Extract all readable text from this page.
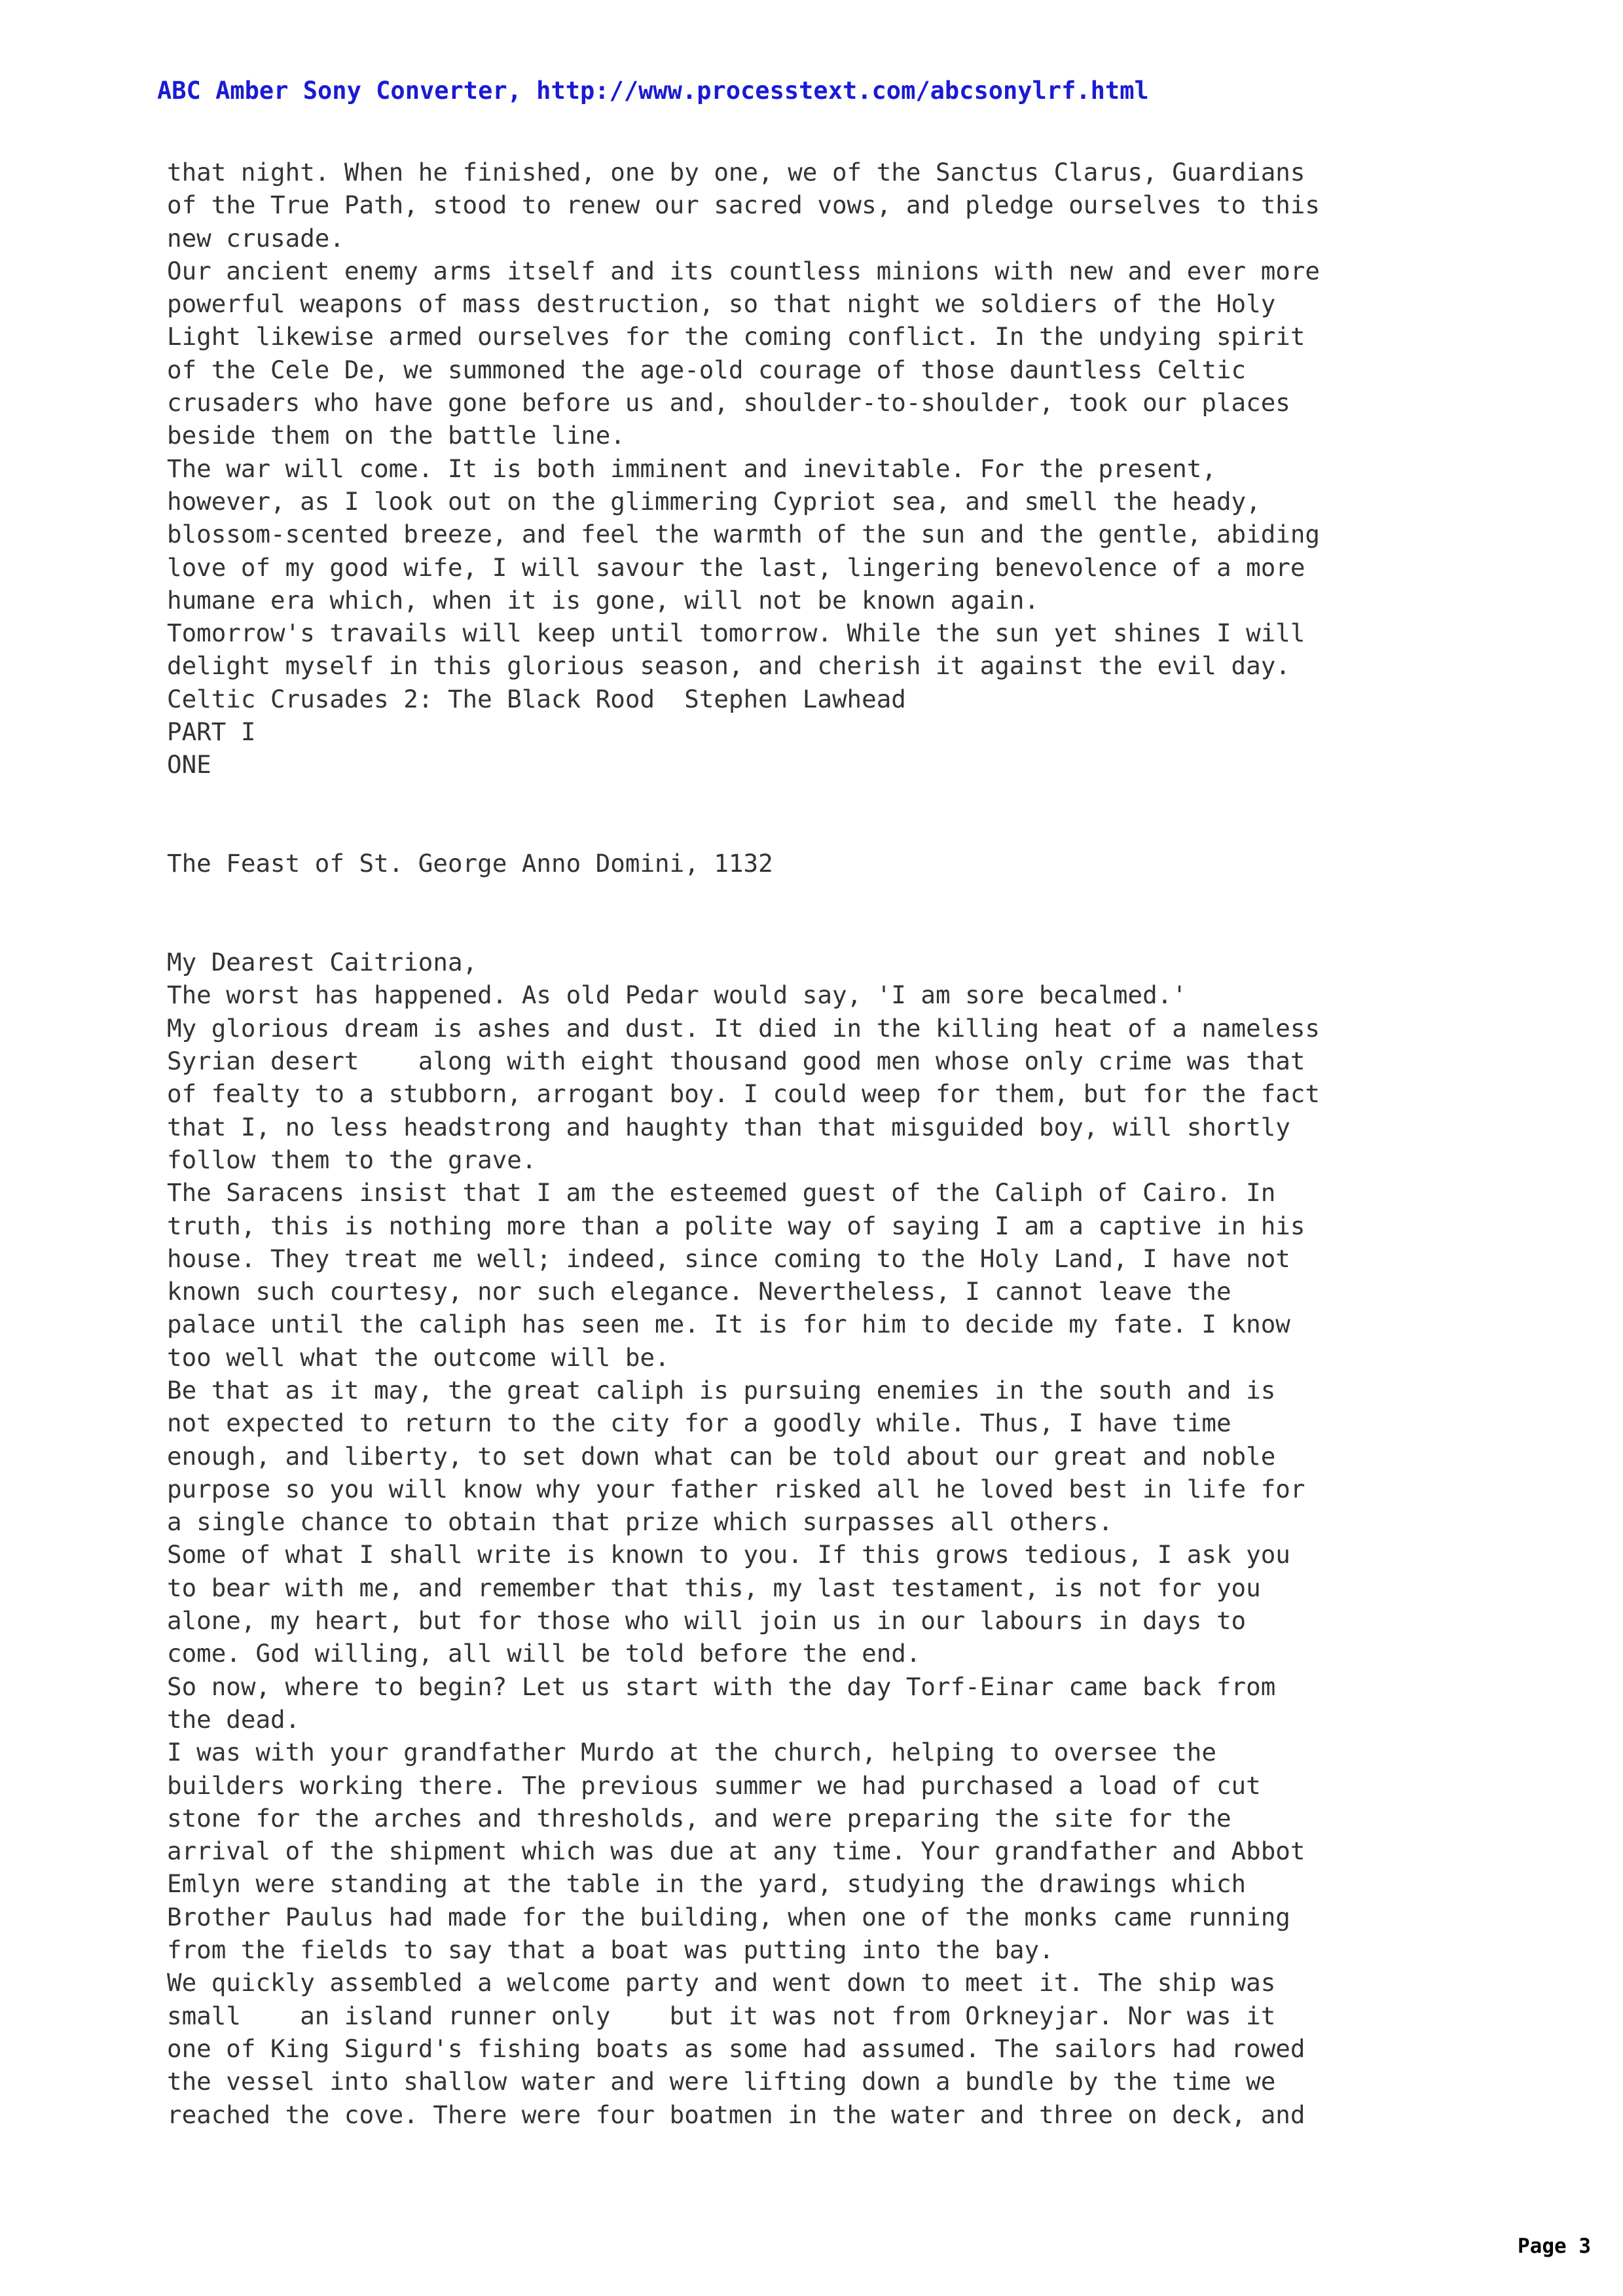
ABC Amber Sony Converter, http://www.processtext.com/abcsonylrf.html
that night. When he finished, one by one, we of the Sanctus Clarus, Guardians
of the True Path, stood to renew our sacred vows, and pledge ourselves to this
new crusade.
Our ancient enemy arms itself and its countless minions with new and ever more
powerful weapons of mass destruction, so that night we soldiers of the Holy
Light likewise armed ourselves for the coming conflict. In the undying spirit
of the Cele De, we summoned the age-old courage of those dauntless Celtic
crusaders who have gone before us and, shoulder-to-shoulder, took our places
beside them on the battle line.
The war will come. It is both imminent and inevitable. For the present,
however, as I look out on the glimmering Cypriot sea, and smell the heady,
blossom-scented breeze, and feel the warmth of the sun and the gentle, abiding
love of my good wife, I will savour the last, lingering benevolence of a more
humane era which, when it is gone, will not be known again.
Tomorrow's travails will keep until tomorrow. While the sun yet shines I will
delight myself in this glorious season, and cherish it against the evil day.
Celtic Crusades 2: The Black Rood  Stephen Lawhead
PART I
ONE
The Feast of St. George Anno Domini, 1132
My Dearest Caitriona,
The worst has happened. As old Pedar would say, 'I am sore becalmed.'
My glorious dream is ashes and dust. It died in the killing heat of a nameless
Syrian desert    along with eight thousand good men whose only crime was that
of fealty to a stubborn, arrogant boy. I could weep for them, but for the fact
that I, no less headstrong and haughty than that misguided boy, will shortly
follow them to the grave.
The Saracens insist that I am the esteemed guest of the Caliph of Cairo. In
truth, this is nothing more than a polite way of saying I am a captive in his
house. They treat me well; indeed, since coming to the Holy Land, I have not
known such courtesy, nor such elegance. Nevertheless, I cannot leave the
palace until the caliph has seen me. It is for him to decide my fate. I know
too well what the outcome will be.
Be that as it may, the great caliph is pursuing enemies in the south and is
not expected to return to the city for a goodly while. Thus, I have time
enough, and liberty, to set down what can be told about our great and noble
purpose so you will know why your father risked all he loved best in life for
a single chance to obtain that prize which surpasses all others.
Some of what I shall write is known to you. If this grows tedious, I ask you
to bear with me, and remember that this, my last testament, is not for you
alone, my heart, but for those who will join us in our labours in days to
come. God willing, all will be told before the end.
So now, where to begin? Let us start with the day Torf-Einar came back from
the dead.
I was with your grandfather Murdo at the church, helping to oversee the
builders working there. The previous summer we had purchased a load of cut
stone for the arches and thresholds, and were preparing the site for the
arrival of the shipment which was due at any time. Your grandfather and Abbot
Emlyn were standing at the table in the yard, studying the drawings which
Brother Paulus had made for the building, when one of the monks came running
from the fields to say that a boat was putting into the bay.
We quickly assembled a welcome party and went down to meet it. The ship was
small    an island runner only    but it was not from Orkneyjar. Nor was it
one of King Sigurd's fishing boats as some had assumed. The sailors had rowed
the vessel into shallow water and were lifting down a bundle by the time we
reached the cove. There were four boatmen in the water and three on deck, and
Page 3
